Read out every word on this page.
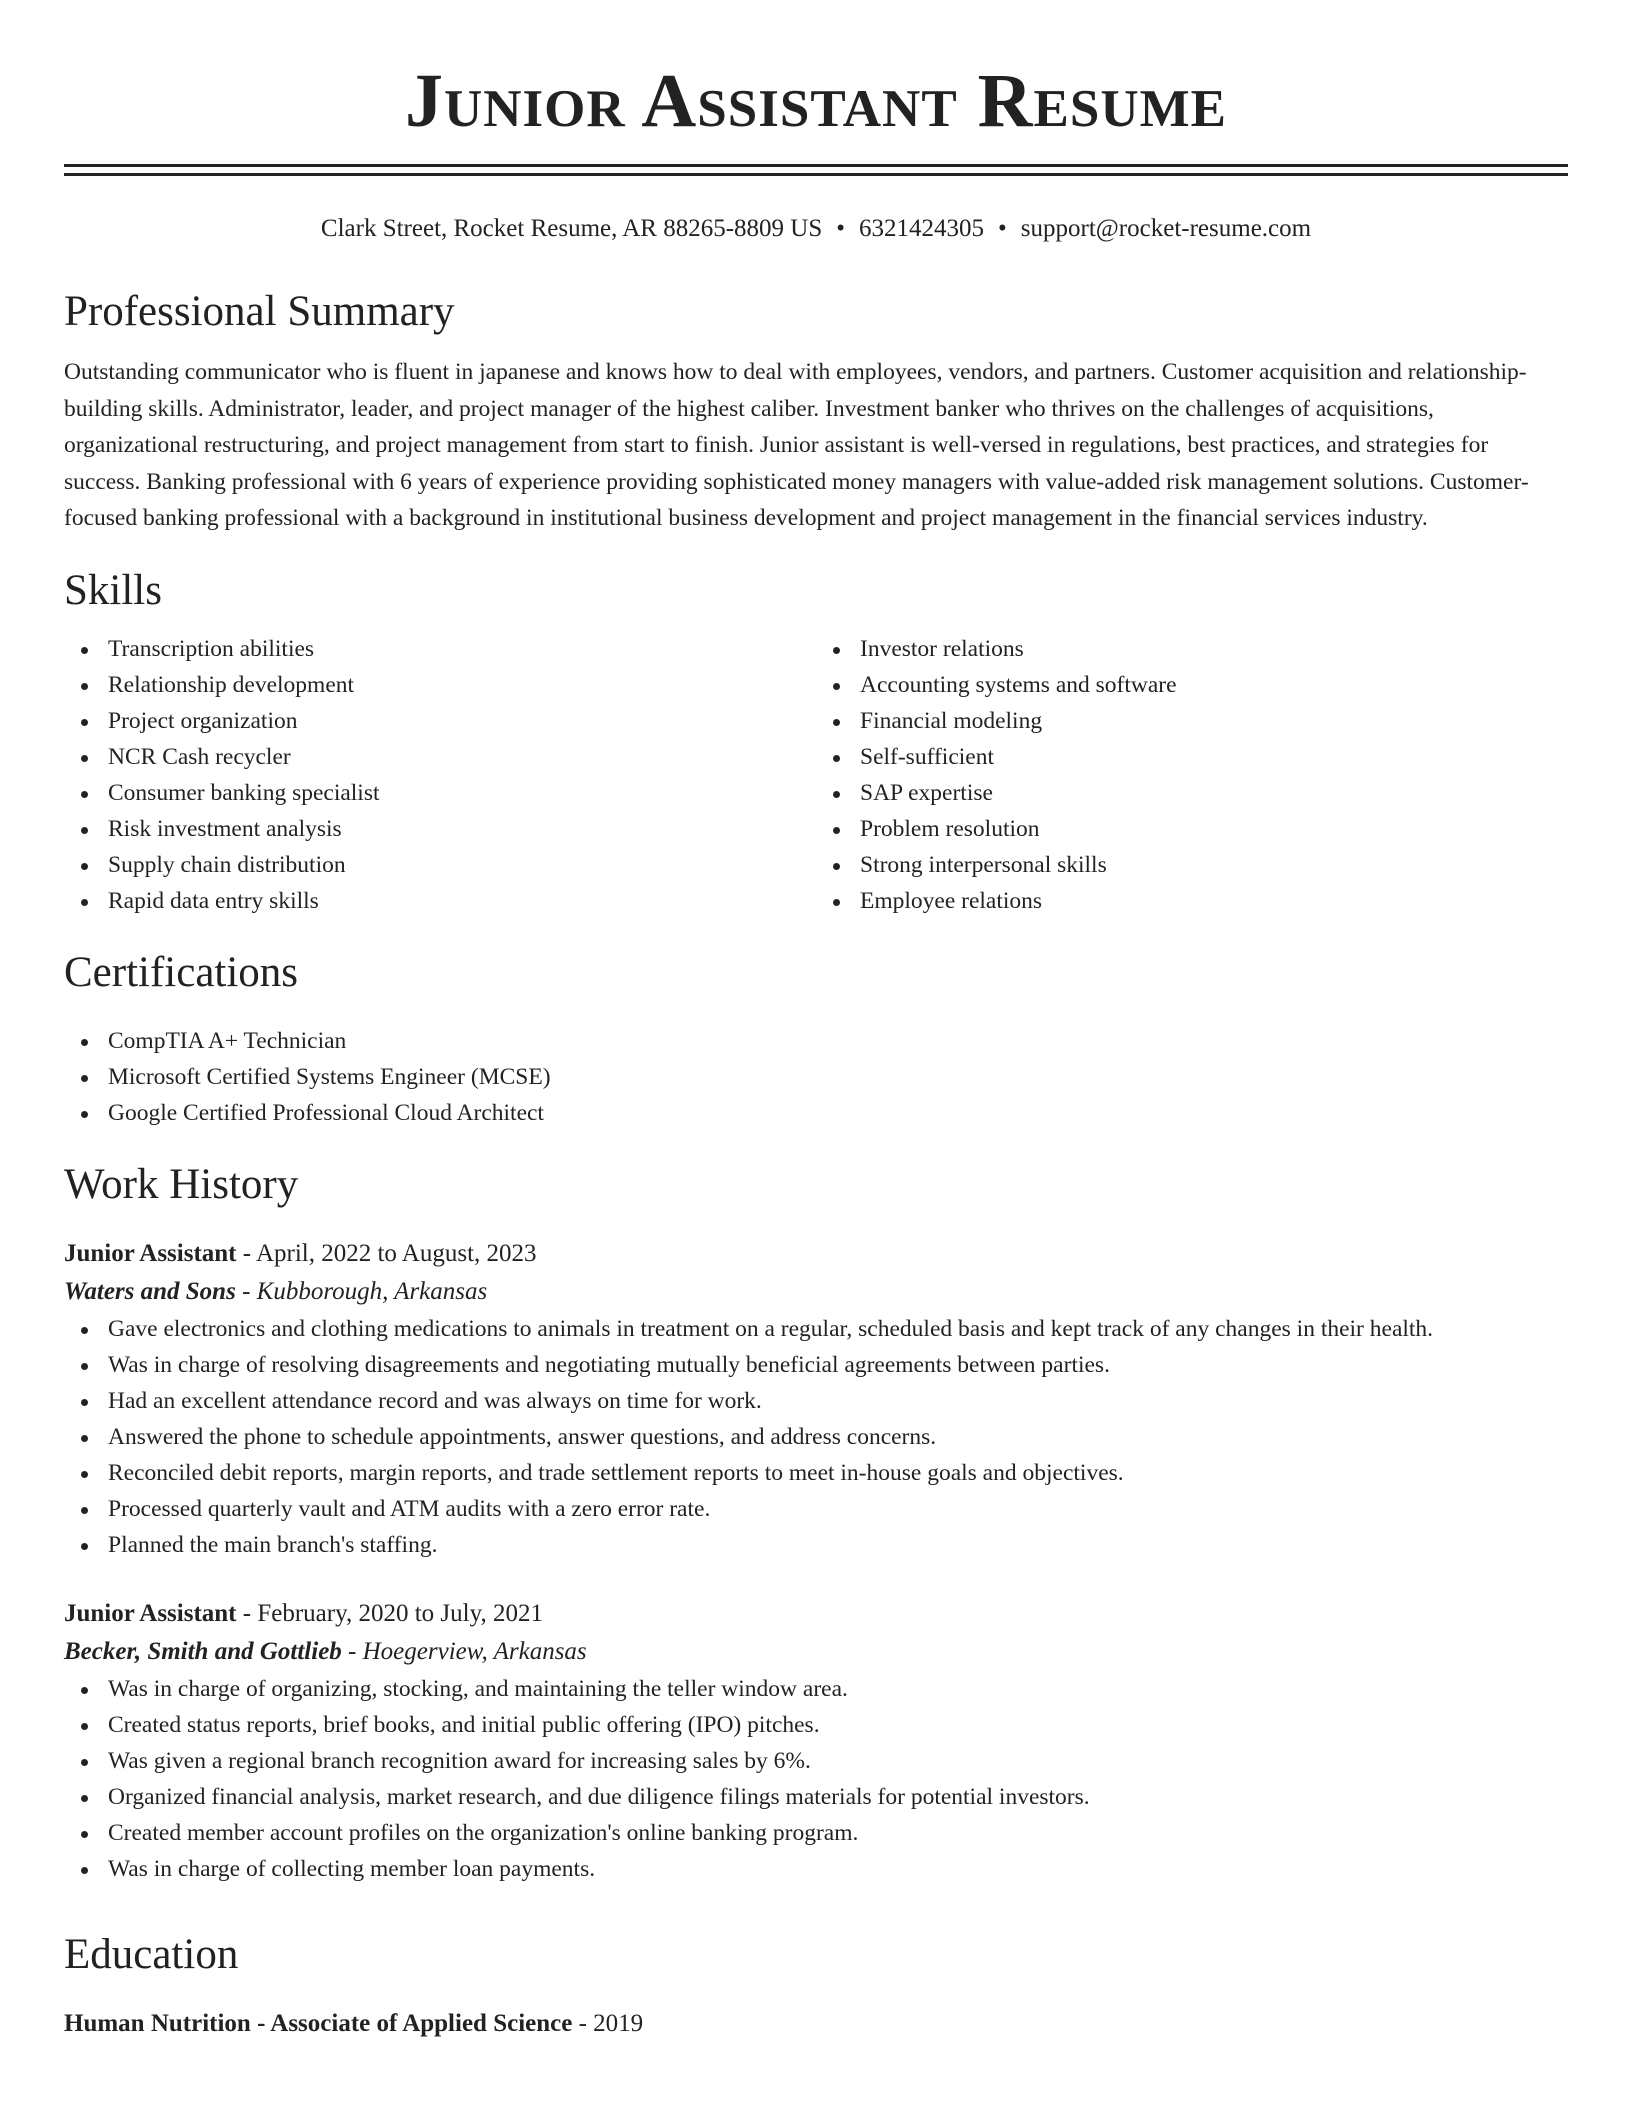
Junior Assistant Resume
Clark Street, Rocket Resume, AR 88265-8809 US • 6321424305 • support@rocket-resume.com
Professional Summary

Outstanding communicator who is fluent in japanese and knows how to deal with employees, vendors, and partners. Customer acquisition and relationship-building skills. Administrator, leader, and project manager of the highest caliber. Investment banker who thrives on the challenges of acquisitions, organizational restructuring, and project management from start to finish. Junior assistant is well-versed in regulations, best practices, and strategies for success. Banking professional with 6 years of experience providing sophisticated money managers with value-added risk management solutions. Customer-focused banking professional with a background in institutional business development and project management in the financial services industry.

Skills
Transcription abilities
Relationship development
Project organization
NCR Cash recycler
Consumer banking specialist
Risk investment analysis
Supply chain distribution
Rapid data entry skills
Investor relations
Accounting systems and software
Financial modeling
Self-sufficient
SAP expertise
Problem resolution
Strong interpersonal skills
Employee relations
Certifications
CompTIA A+ Technician
Microsoft Certified Systems Engineer (MCSE)
Google Certified Professional Cloud Architect
Work History
Junior Assistant - April, 2022 to August, 2023
Waters and Sons - Kubborough, Arkansas
Gave electronics and clothing medications to animals in treatment on a regular, scheduled basis and kept track of any changes in their health.
Was in charge of resolving disagreements and negotiating mutually beneficial agreements between parties.
Had an excellent attendance record and was always on time for work.
Answered the phone to schedule appointments, answer questions, and address concerns.
Reconciled debit reports, margin reports, and trade settlement reports to meet in-house goals and objectives.
Processed quarterly vault and ATM audits with a zero error rate.
Planned the main branch's staffing.
Junior Assistant - February, 2020 to July, 2021
Becker, Smith and Gottlieb - Hoegerview, Arkansas
Was in charge of organizing, stocking, and maintaining the teller window area.
Created status reports, brief books, and initial public offering (IPO) pitches.
Was given a regional branch recognition award for increasing sales by 6%.
Organized financial analysis, market research, and due diligence filings materials for potential investors.
Created member account profiles on the organization's online banking program.
Was in charge of collecting member loan payments.
Education
Human Nutrition - Associate of Applied Science - 2019
